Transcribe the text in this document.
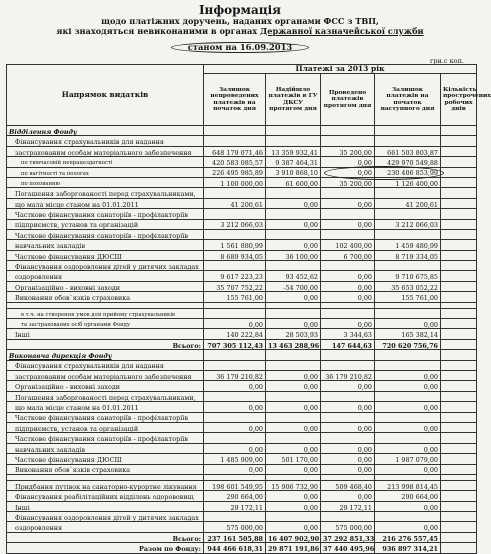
Інформація
щодо платіжних доручень, наданих органами ФСС з ТВП,
які знаходяться невиконаними в органах Державної казначейської служби
станом на 16.09.2013
грн.с коп.
Напрямок видатків	Платежі за 2013 рік				
	Залишок непроведених платежів на початок дня	Надійшло платежів в ГУ ДКСУ протягом дня	Проведено платежів протягом дня	Залишок платежів на початок наступного дня	Кількість прострочених робочих днів
Відділення Фонду					
Фінансування страхувальників для надання					
застрахованим особам матеріального забезпечення	648 179 071,46	13 359 932,41	35 200,00	661 503 803,87	
по тимчасовій непрацездатності	420 583 085,57	9 387 464,31	0,00	429 970 549,88	
по вагітності та пологах	226 495 985,89	3 910 868,10	0,00	230 406 853,99	
по похованню	1 100 000,00	61 600,00	35 200,00	1 126 400,00	
Погашення заборгованості перед страхувальниками,					
що мала місце станом на 01.01.2011	41 200,61	0,00	0,00	41 200,61	
Часткове фінансування санаторіїв - профілакторіїв					
підприємств, установ та організацій	3 212 066,03	0,00	0,00	3 212 066,03	
Часткове фінансування санаторіїв - профілакторіїв					
навчальних закладів	1 561 880,99	0,00	102 400,00	1 459 480,99	
Часткове фінансування ДЮСШ	8 689 934,05	36 100,00	6 700,00	8 719 334,05	
Фінансування оздоровлення дітей у дитячих закладах					
оздоровлення	9 617 223,23	93 452,62	0,00	9 710 675,85	
Організаційно - виховні заходи	35 707 752,22	-54 700,00	0,00	35 653 052,22	
Виконання обов`язків страховика	155 761,00	0,00	0,00	155 761,00	

в т.ч. на створення умов для прийому страхувальників					
та застрахованих осіб органами Фонду	0,00	0,00	0,00	0,00	
Інші	140 222,84	28 503,93	3 344,63	165 382,14	
Всього:	707 305 112,43	13 463 288,96	147 644,63	720 620 756,76	
Виконавча дирекція Фонду					
Фінансування страхувальників для надання					
застрахованим особам матеріального забезпечення	36 179 210,82	0,00	36 179 210,82	0,00	
Організаційно - виховні заходи	0,00	0,00	0,00	0,00	
Погашення заборгованості перед страхувальниками,					
що мала місце станом на 01.01.2011	0,00	0,00	0,00	0,00	
Часткове фінансування санаторіїв - профілакторіїв					
підприємств, установ та організацій	0,00	0,00	0,00	0,00	
Часткове фінансування санаторіїв - профілакторіїв					
навчальних закладів	0,00	0,00	0,00	0,00	
Часткове фінансування ДЮСШ	1 485 909,00	501 170,00	0,00	1 987 079,00	
Виконання обов`язків страховика	0,00	0,00	0,00	0,00	

Придбання путівок на санаторно-курортне лікування	198 601 549,95	15 906 732,90	509 468,40	213 998 814,45	
Фінансування реабілітаційних відділень одорововищ	290 664,00	0,00	0,00	290 664,00	
Інші	29 172,11	0,00	29 172,11	0,00	
Фінансування оздоровлення дітей у дитячих закладах					
оздоровлення	575 000,00	0,00	575 000,00	0,00	
Всього:	237 161 505,88	16 407 902,90	37 292 851,33	216 276 557,45	
Разом по Фонду:	944 466 618,31	29 871 191,86	37 440 495,96	936 897 314,21	
